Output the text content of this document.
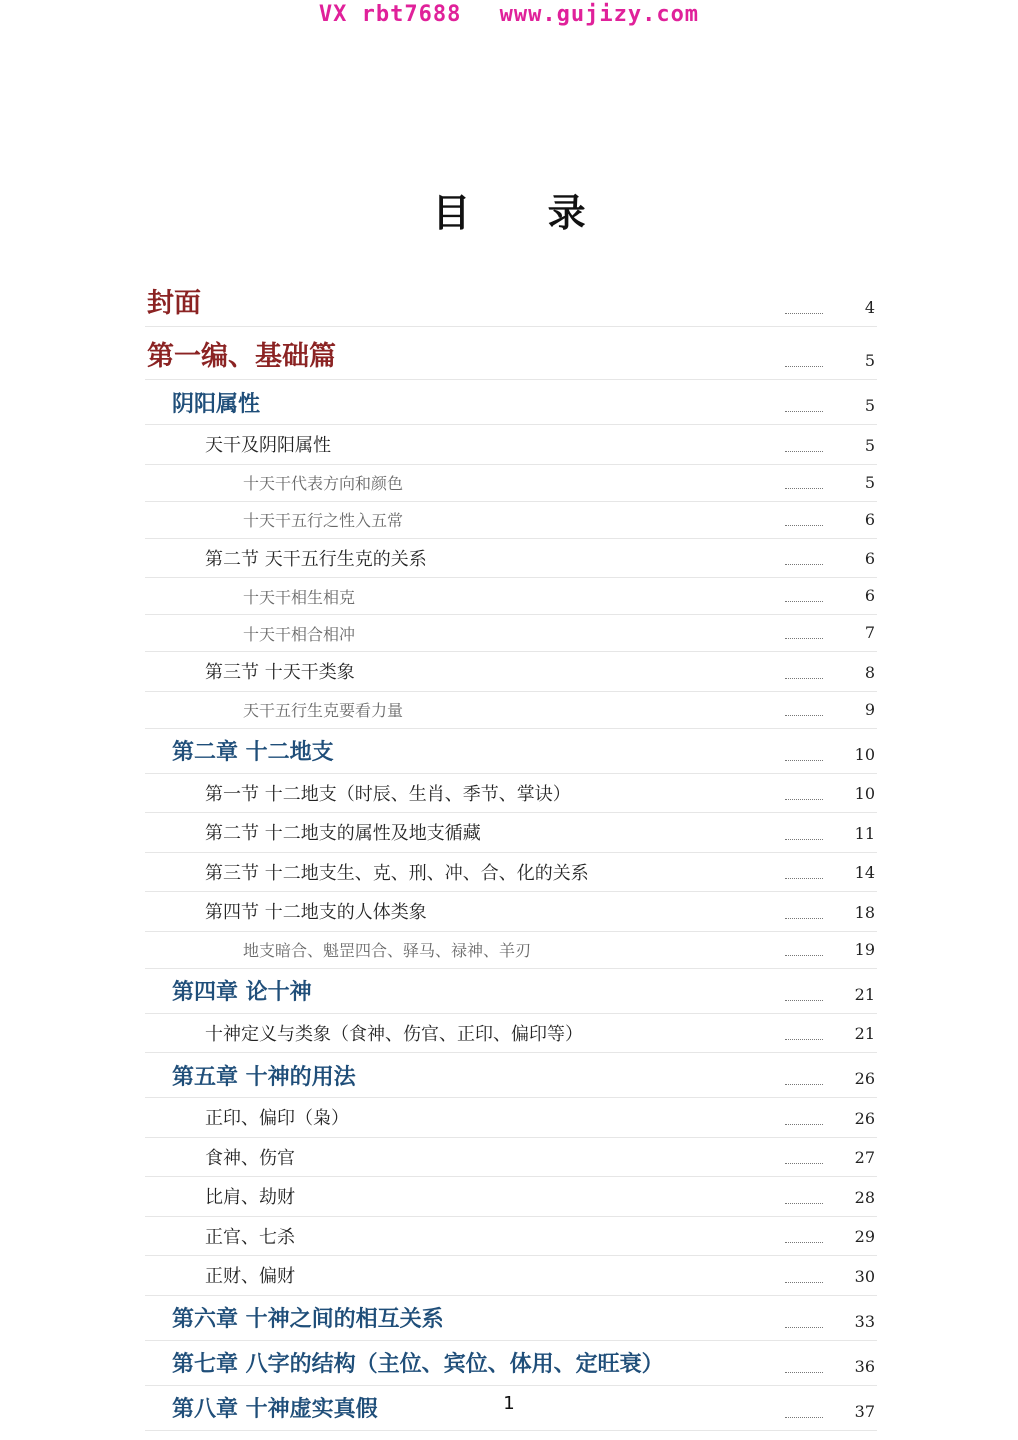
VX rbt7688 www.gujizy.com
目 录
封面	4
第一编、基础篇	5
阴阳属性	5
天干及阴阳属性	5
十天干代表方向和颜色	5
十天干五行之性入五常	6
第二节 天干五行生克的关系	6
十天干相生相克	6
十天干相合相冲	7
第三节 十天干类象	8
天干五行生克要看力量	9
第二章 十二地支	10
第一节 十二地支（时辰、生肖、季节、掌诀）	10
第二节 十二地支的属性及地支循藏	11
第三节 十二地支生、克、刑、冲、合、化的关系	14
第四节 十二地支的人体类象	18
地支暗合、魁罡四合、驿马、禄神、羊刃	19
第四章 论十神	21
十神定义与类象（食神、伤官、正印、偏印等）	21
第五章 十神的用法	26
正印、偏印（枭）	26
食神、伤官	27
比肩、劫财	28
正官、七杀	29
正财、偏财	30
第六章 十神之间的相互关系	33
第七章 八字的结构（主位、宾位、体用、定旺衰）	36
第八章 十神虚实真假	37
1
